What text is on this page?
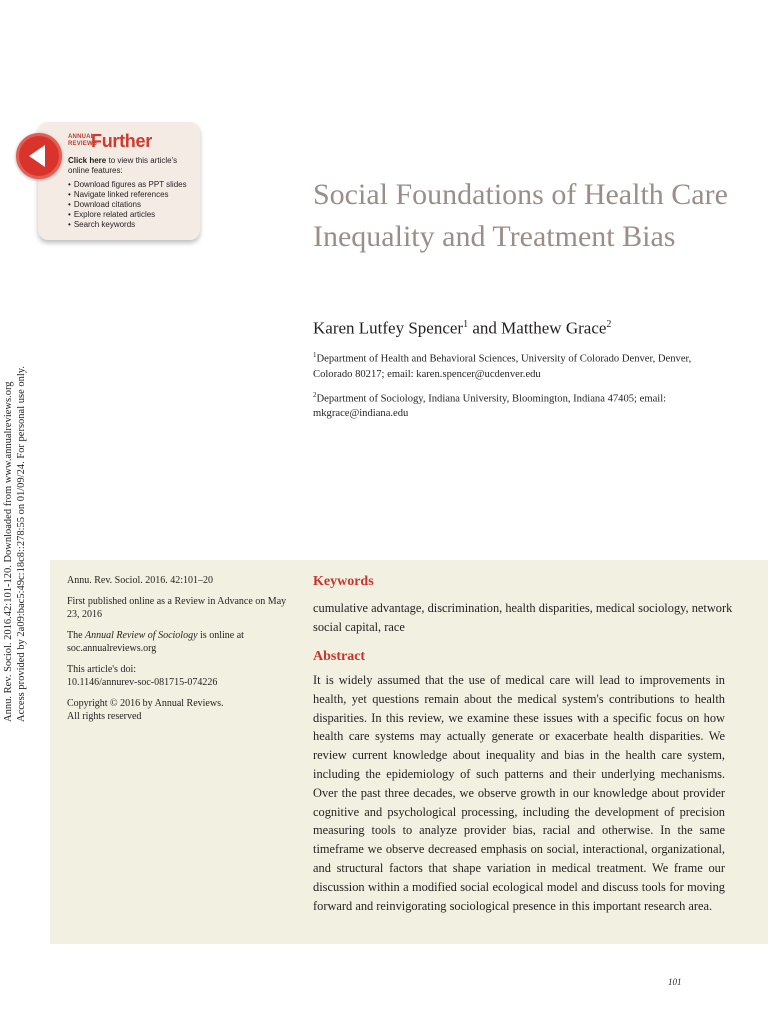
ANNUAL
REVIEWS
Further
Click here to view this article's online features:
• Download figures as PPT slides
• Navigate linked references
• Download citations
• Explore related articles
• Search keywords
Annu. Rev. Sociol. 2016.42:101-120. Downloaded from www.annualreviews.org Access provided by 2a09:bac5:49c:18c8::278:55 on 01/09/24. For personal use only.
Social Foundations of Health Care Inequality and Treatment Bias
Karen Lutfey Spencer$^1$ and Matthew Grace$^2$

$^1$Department of Health and Behavioral Sciences, University of Colorado Denver, Denver, Colorado 80217; email: karen.spencer@ucdenver.edu

$^2$Department of Sociology, Indiana University, Bloomington, Indiana 47405; email: mkgrace@indiana.edu

Annu. Rev. Sociol. 2016. 42:101–20

First published online as a Review in Advance on May 23, 2016

The Annual Review of Sociology is online at soc.annualreviews.org

This article's doi:
10.1146/annurev-soc-081715-074226

Copyright © 2016 by Annual Reviews.
All rights reserved

Keywords
cumulative advantage, discrimination, health disparities, medical sociology, network social capital, race
Abstract
It is widely assumed that the use of medical care will lead to improvements in health, yet questions remain about the medical system's contributions to health disparities. In this review, we examine these issues with a specific focus on how health care systems may actually generate or exacerbate health disparities. We review current knowledge about inequality and bias in the health care system, including the epidemiology of such patterns and their underlying mechanisms. Over the past three decades, we observe growth in our knowledge about provider cognitive and psychological processing, including the development of precision measuring tools to analyze provider bias, racial and otherwise. In the same timeframe we observe decreased emphasis on social, interactional, organizational, and structural factors that shape variation in medical treatment. We frame our discussion within a modified social ecological model and discuss tools for moving forward and reinvigorating sociological presence in this important research area.
101
